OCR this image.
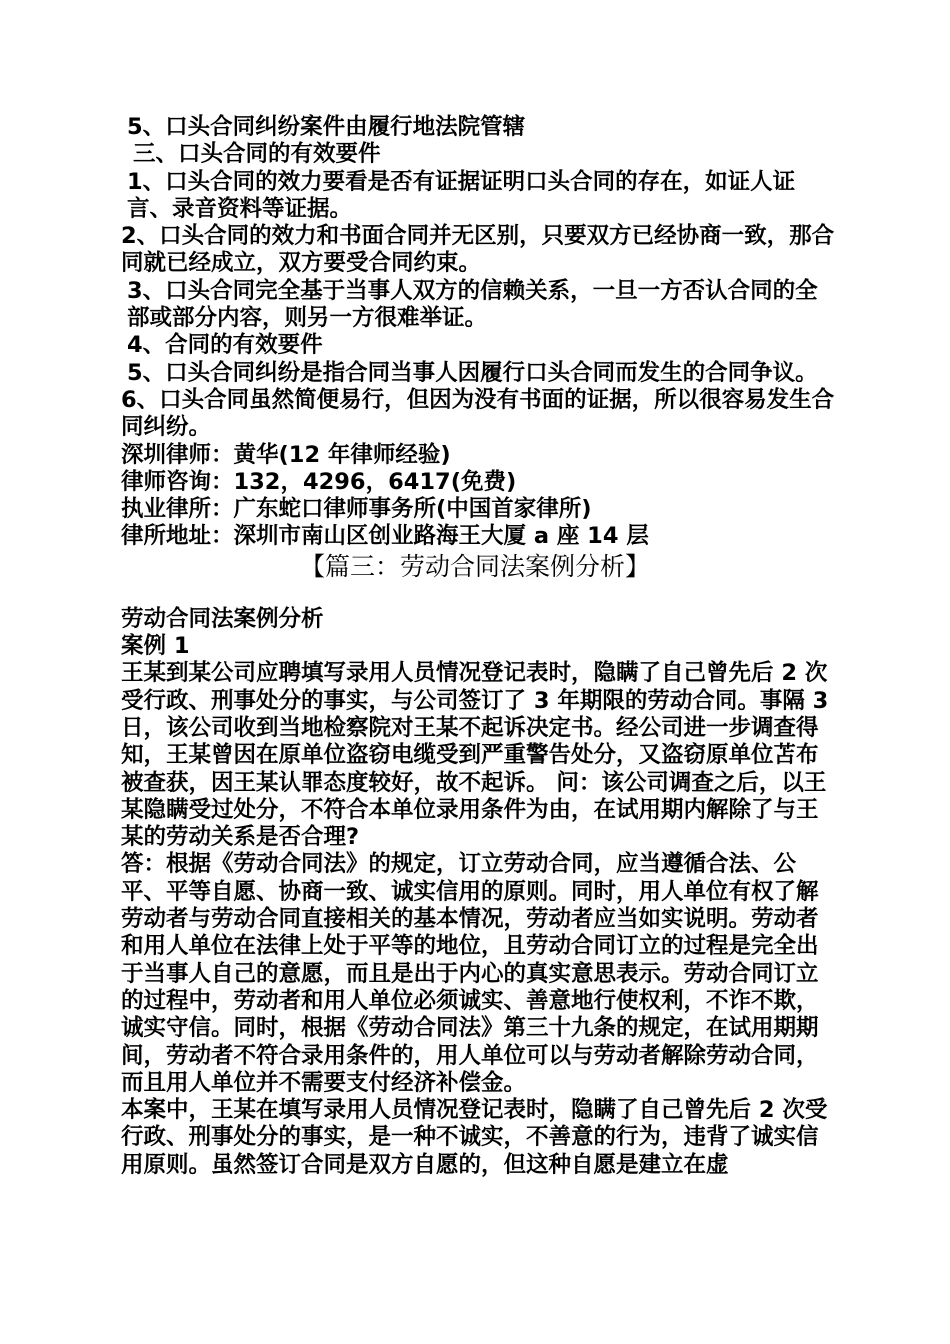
5、口头合同纠纷案件由履行地法院管辖

三、口头合同的有效要件

1、口头合同的效力要看是否有证据证明口头合同的存在，如证人证言、录音资料等证据。

2、口头合同的效力和书面合同并无区别，只要双方已经协商一致，那合同就已经成立，双方要受合同约束。

3、口头合同完全基于当事人双方的信赖关系，一旦一方否认合同的全部或部分内容，则另一方很难举证。

4、合同的有效要件

5、口头合同纠纷是指合同当事人因履行口头合同而发生的合同争议。

6、口头合同虽然简便易行，但因为没有书面的证据，所以很容易发生合同纠纷。

深圳律师：黄华(12 年律师经验)

律师咨询：132，4296，6417(免费)

执业律所：广东蛇口律师事务所(中国首家律所)

律所地址：深圳市南山区创业路海王大厦 a 座 14 层

【篇三：劳动合同法案例分析】

劳动合同法案例分析

案例 1

王某到某公司应聘填写录用人员情况登记表时，隐瞒了自己曾先后 2 次受行政、刑事处分的事实，与公司签订了 3 年期限的劳动合同。事隔 3 日，该公司收到当地检察院对王某不起诉决定书。经公司进一步调查得知，王某曾因在原单位盗窃电缆受到严重警告处分，又盗窃原单位苫布被查获，因王某认罪态度较好，故不起诉。 问：该公司调查之后，以王某隐瞒受过处分，不符合本单位录用条件为由，在试用期内解除了与王某的劳动关系是否合理?

答：根据《劳动合同法》的规定，订立劳动合同，应当遵循合法、公平、平等自愿、协商一致、诚实信用的原则。同时，用人单位有权了解劳动者与劳动合同直接相关的基本情况，劳动者应当如实说明。劳动者和用人单位在法律上处于平等的地位，且劳动合同订立的过程是完全出于当事人自己的意愿，而且是出于内心的真实意思表示。劳动合同订立的过程中，劳动者和用人单位必须诚实、善意地行使权利，不诈不欺，诚实守信。同时，根据《劳动合同法》第三十九条的规定，在试用期期间，劳动者不符合录用条件的，用人单位可以与劳动者解除劳动合同，而且用人单位并不需要支付经济补偿金。

本案中，王某在填写录用人员情况登记表时，隐瞒了自己曾先后 2 次受行政、刑事处分的事实，是一种不诚实，不善意的行为，违背了诚实信用原则。虽然签订合同是双方自愿的，但这种自愿是建立在虚
